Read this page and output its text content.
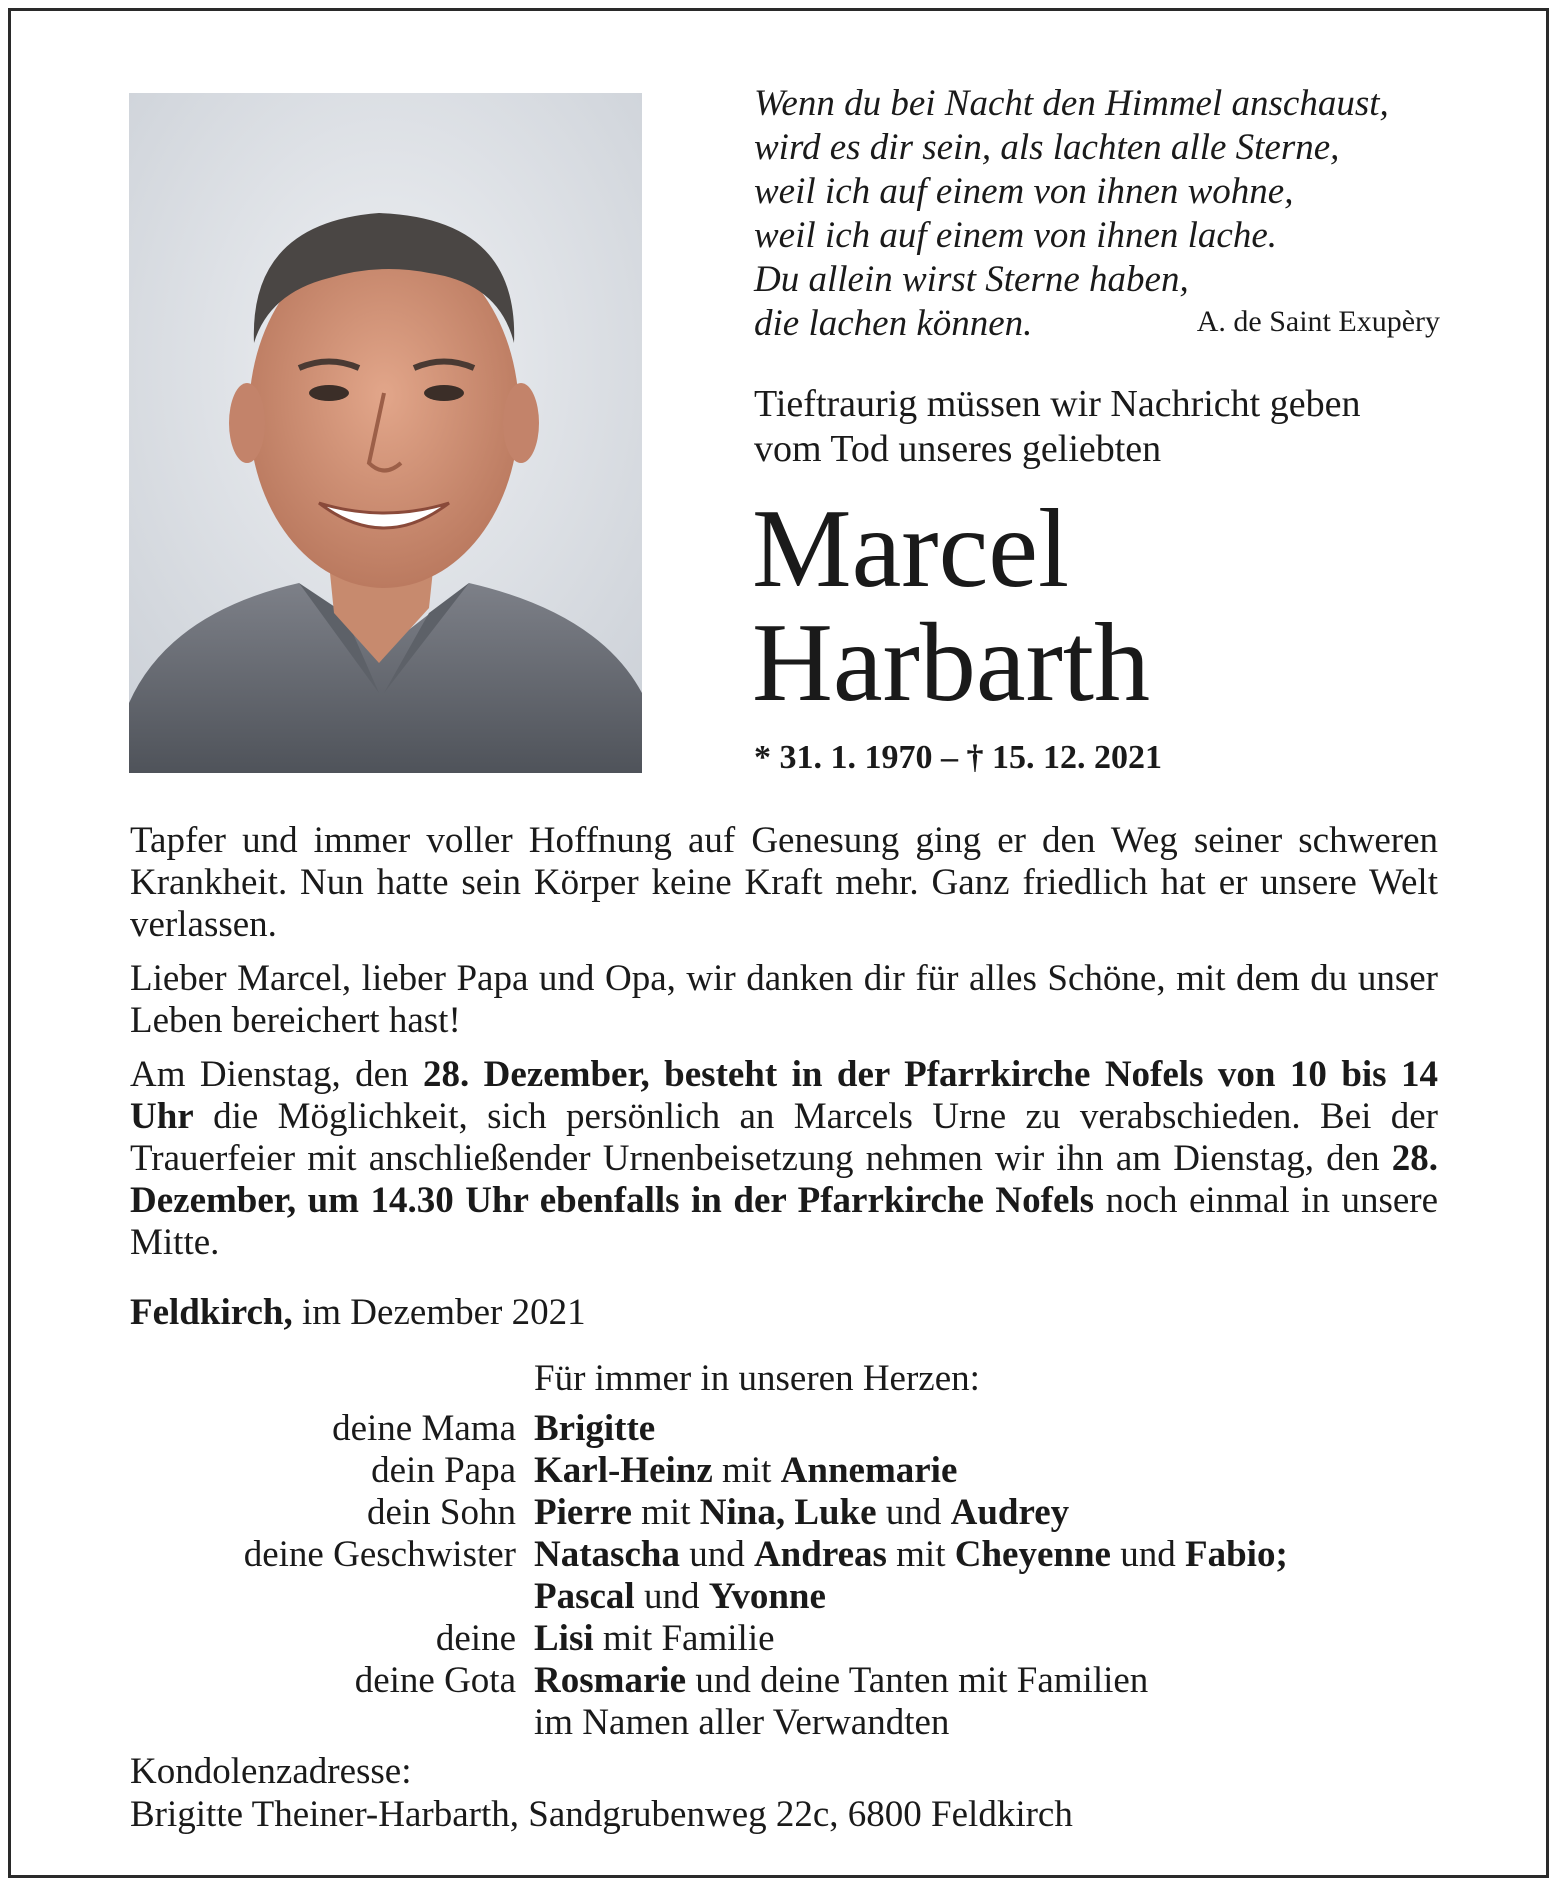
Wenn du bei Nacht den Himmel anschaust,
wird es dir sein, als lachten alle Sterne,
weil ich auf einem von ihnen wohne,
weil ich auf einem von ihnen lache.
Du allein wirst Sterne haben,
die lachen können.	A. de Saint Exupèry
Tieftraurig müssen wir Nachricht geben
vom Tod unseres geliebten
Marcel
Harbarth
* 31. 1. 1970 – † 15. 12. 2021

Tapfer und immer voller Hoffnung auf Genesung ging er den Weg seiner schweren Krankheit. Nun hatte sein Körper keine Kraft mehr. Ganz friedlich hat er unsere Welt verlassen.

Lieber Marcel, lieber Papa und Opa, wir danken dir für alles Schöne, mit dem du unser Leben bereichert hast!

Am Dienstag, den 28. Dezember, besteht in der Pfarrkirche Nofels von 10 bis 14 Uhr die Möglichkeit, sich persönlich an Marcels Urne zu verabschieden. Bei der Trauerfeier mit anschließender Urnenbeisetzung nehmen wir ihn am Dienstag, den 28. Dezember, um 14.30 Uhr ebenfalls in der Pfarrkirche Nofels noch einmal in unsere Mitte.

Feldkirch, im Dezember 2021
Für immer in unseren Herzen:
deine Mama Brigitte
dein Papa Karl-Heinz mit Annemarie
dein Sohn Pierre mit Nina, Luke und Audrey
deine Geschwister Natascha und Andreas mit Cheyenne und Fabio;
Pascal und Yvonne
deine Lisi mit Familie
deine Gota Rosmarie und deine Tanten mit Familien
im Namen aller Verwandten
Kondolenzadresse:
Brigitte Theiner-Harbarth, Sandgrubenweg 22c, 6800 Feldkirch
